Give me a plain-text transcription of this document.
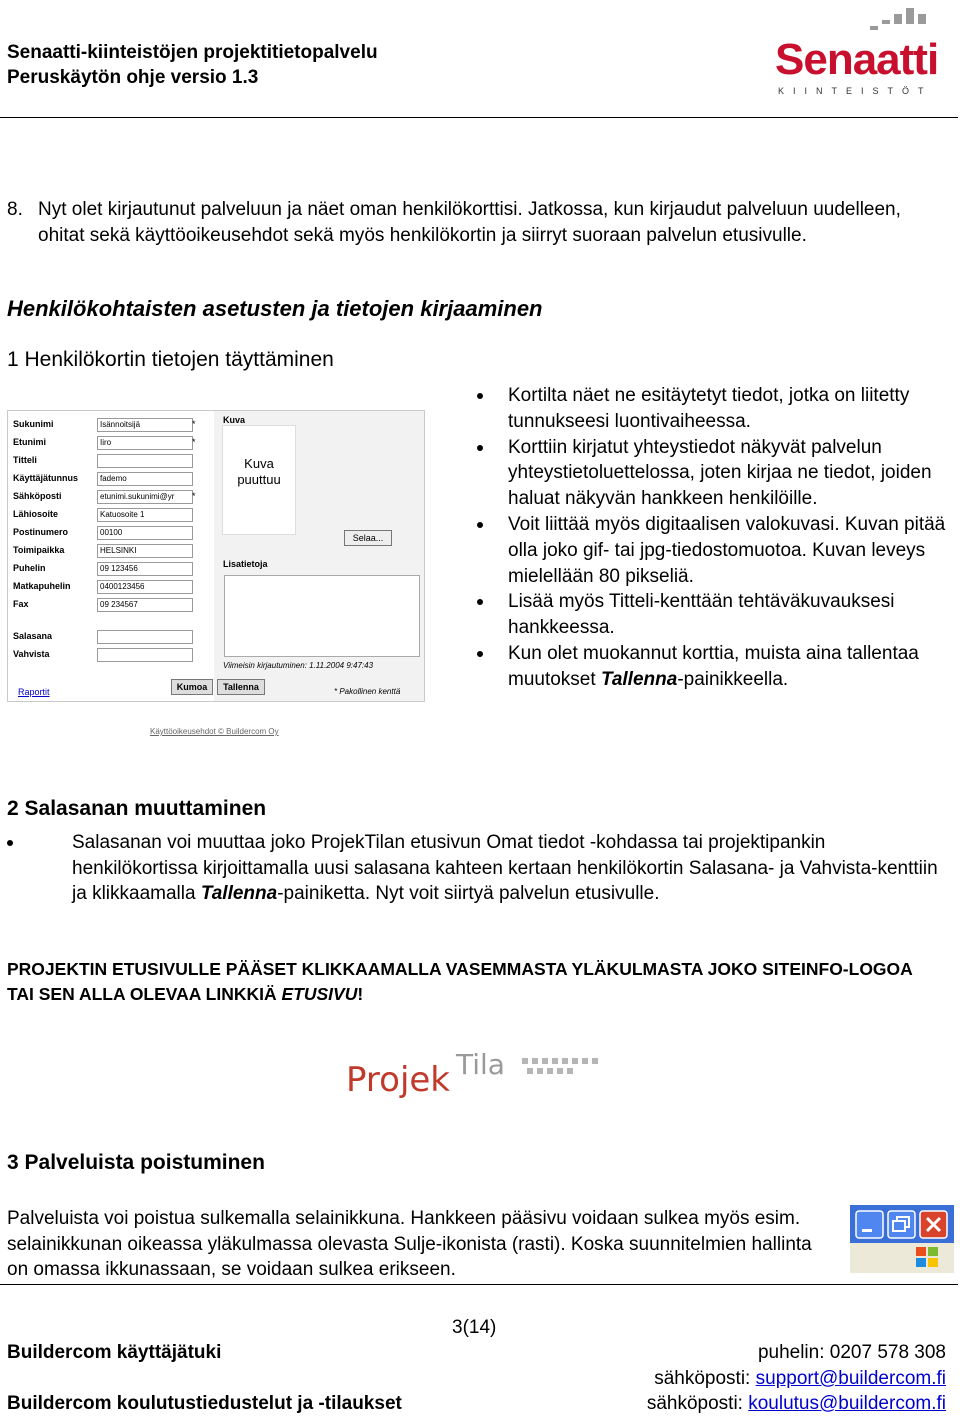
Senaatti-kiinteistöjen projektitietopalvelu
Peruskäytön ohje versio 1.3	Senaatti
KIINTEISTÖT
8. Nyt olet kirjautunut palveluun ja näet oman henkilökorttisi. Jatkossa, kun kirjaudut palveluun uudelleen, ohitat sekä käyttöoikeusehdot sekä myös henkilökortin ja siirryt suoraan palvelun etusivulle.
Henkilökohtaisten asetusten ja tietojen kirjaaminen
1 Henkilökortin tietojen täyttäminen
Sukunimi	Isännoitsijä	*
Etunimi	Iiro	*
Titteli
Käyttäjätunnus	fademo
Sähköposti	etunimi.sukunimi@yr	*
Lähiosoite	Katuosoite 1
Postinumero	00100
Toimipaikka	HELSINKI
Puhelin	09 123456
Matkapuhelin	0400123456
Fax	09 234567
Salasana
Vahvista
Kuva
Lisatietoja
Selaa...
Viimeisin kirjautuminen: 1.11.2004 9:47:43
Raportit	Kumoa	Tallenna	* Pakollinen kenttä
Kuva puuttuu
Käyttöoikeusehdot © Buildercom Oy
Kortilta näet ne esitäytetyt tiedot, jotka on liitetty tunnukseesi luontivaiheessa.
Korttiin kirjatut yhteystiedot näkyvät palvelun yhteystietoluettelossa, joten kirjaa ne tiedot, joiden haluat näkyvän hankkeen henkilöille.
Voit liittää myös digitaalisen valokuvasi. Kuvan pitää olla joko gif- tai jpg-tiedostomuotoa. Kuvan leveys mielellään 80 pikseliä.
Lisää myös Titteli-kenttään tehtäväkuvauksesi hankkeessa.
Kun olet muokannut korttia, muista aina tallentaa muutokset Tallenna-painikkeella.
2 Salasanan muuttaminen
Salasanan voi muuttaa joko ProjekTilan etusivun Omat tiedot -kohdassa tai projektipankin henkilökortissa kirjoittamalla uusi salasana kahteen kertaan henkilökortin Salasana- ja Vahvista-kenttiin ja klikkaamalla Tallenna-painiketta. Nyt voit siirtyä palvelun etusivulle.
PROJEKTIN ETUSIVULLE PÄÄSET KLIKKAAMALLA VASEMMASTA YLÄKULMASTA JOKO SITEINFO-LOGOA TAI SEN ALLA OLEVAA LINKKIÄ ETUSIVU!
Projek Tila
3 Palveluista poistuminen
Palveluista voi poistua sulkemalla selainikkuna. Hankkeen pääsivu voidaan sulkea myös esim. selainikkunan oikeassa yläkulmassa olevasta Sulje-ikonista (rasti). Koska suunnitelmien hallinta on omassa ikkunassaan, se voidaan sulkea erikseen.
3(14)
Buildercom käyttäjätuki
Buildercom koulutustiedustelut ja -tilaukset
puhelin: 0207 578 308
sähköposti: support@buildercom.fi
sähköposti: koulutus@buildercom.fi
